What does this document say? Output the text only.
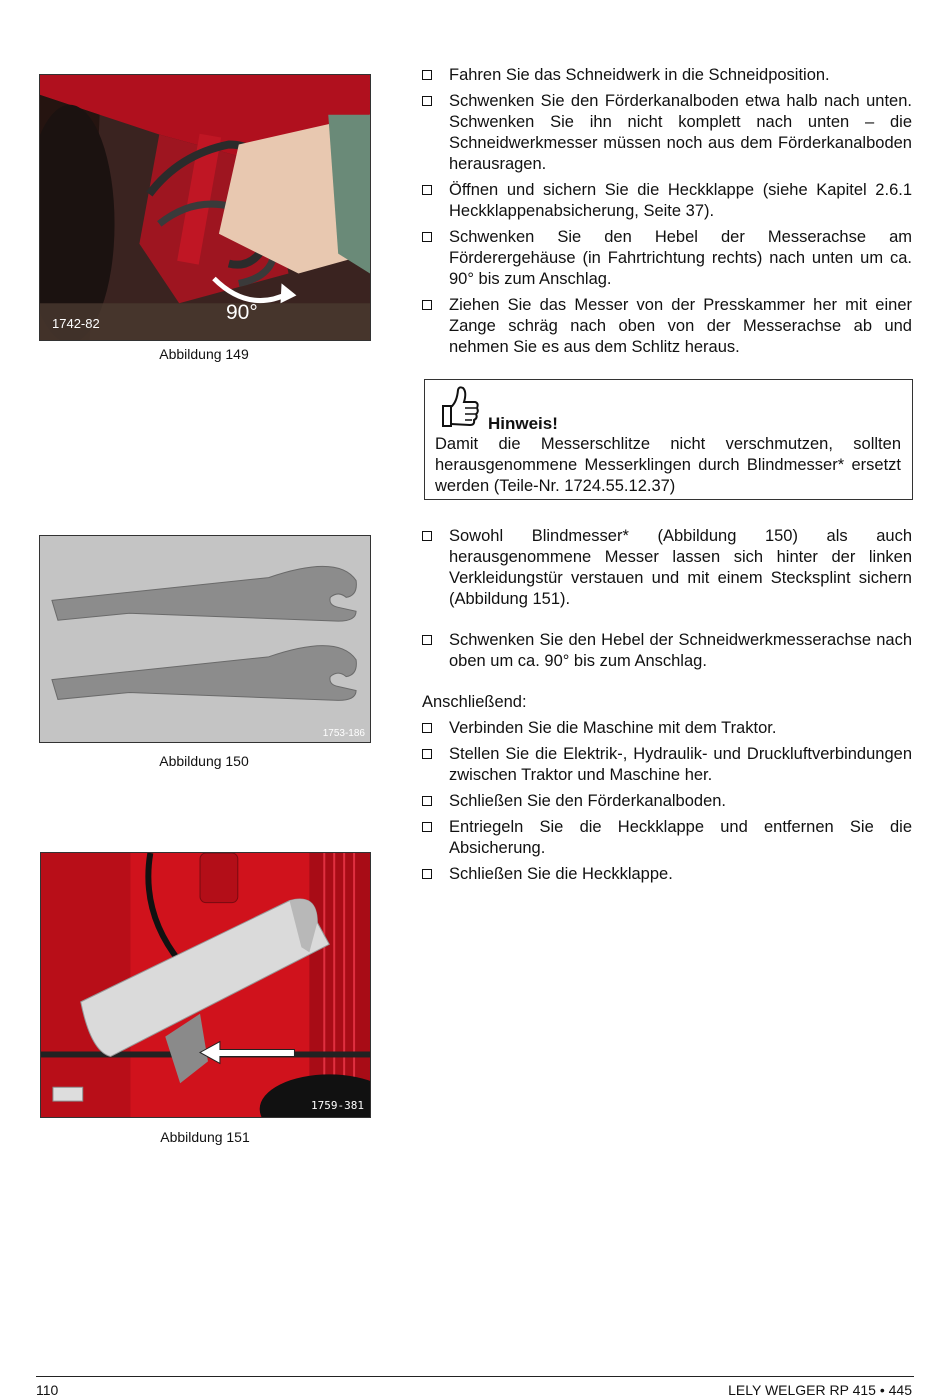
1742-82	90°
Abbildung 149
1753-186
Abbildung 150
1759-381
Abbildung 151
Fahren Sie das Schneidwerk in die Schneidposition.
Schwenken Sie den Förderkanalboden etwa halb nach unten. Schwenken Sie ihn nicht komplett nach unten – die Schneidwerkmesser müssen noch aus dem Förderkanalboden herausragen.
Öffnen und sichern Sie die Heckklappe (siehe Kapitel 2.6.1 Heckklappenabsicherung, Seite 37).
Schwenken Sie den Hebel der Messerachse am Förderergehäuse (in Fahrtrichtung rechts) nach unten um ca. 90° bis zum Anschlag.
Ziehen Sie das Messer von der Presskammer her mit einer Zange schräg nach oben von der Messerachse ab und nehmen Sie es aus dem Schlitz heraus.
Hinweis!
Damit die Messerschlitze nicht verschmutzen, sollten herausgenommene Messerklingen durch Blindmesser* ersetzt werden (Teile-Nr. 1724.55.12.37)
Sowohl Blindmesser* (Abbildung 150) als auch herausgenommene Messer lassen sich hinter der linken Verkleidungstür verstauen und mit einem Stecksplint sichern (Abbildung 151).
Schwenken Sie den Hebel der Schneidwerkmesserachse nach oben um ca. 90° bis zum Anschlag.
Anschließend:
Verbinden Sie die Maschine mit dem Traktor.
Stellen Sie die Elektrik-, Hydraulik- und Druckluftverbindungen zwischen Traktor und Maschine her.
Schließen Sie den Förderkanalboden.
Entriegeln Sie die Heckklappe und entfernen Sie die Absicherung.
Schließen Sie die Heckklappe.
110	LELY WELGER RP 415 • 445
